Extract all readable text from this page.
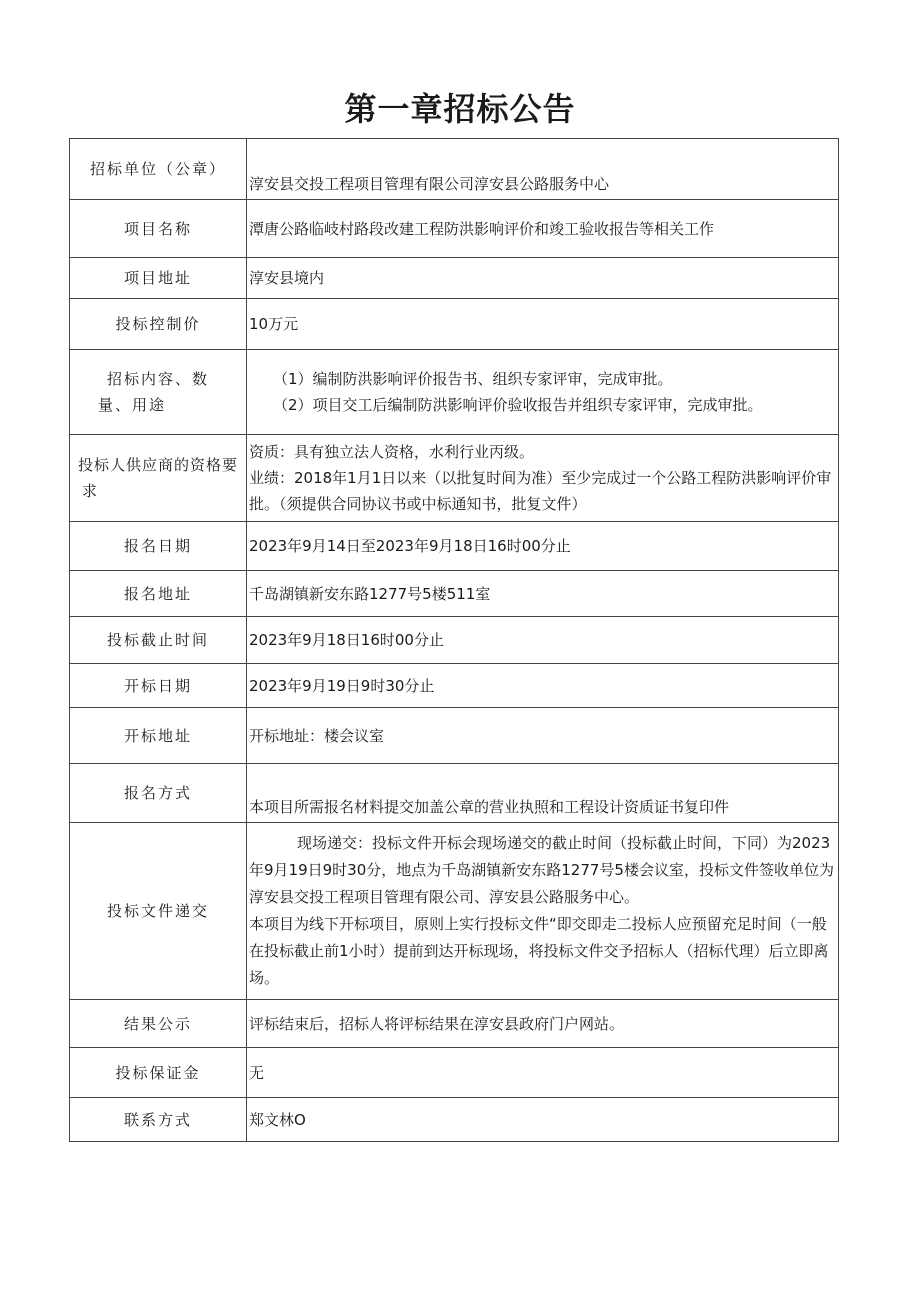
第一章招标公告
招标单位（公章）	淳安县交投工程项目管理有限公司淳安县公路服务中心
项目名称	潭唐公路临岐村路段改建工程防洪影响评价和竣工验收报告等相关工作
项目地址	淳安县境内
投标控制价	10万元

招标内容、数
量、用途	（1）编制防洪影响评价报告书、组织专家评审，完成审批。
（2）项目交工后编制防洪影响评价验收报告并组织专家评审，完成审批。

投标人供应商的资格要
求	资质：具有独立法人资格，水利行业丙级。
业绩：2018年1月1日以来（以批复时间为准）至少完成过一个公路工程防洪影响评价审批。（须提供合同协议书或中标通知书，批复文件）

报名日期	2023年9月14日至2023年9月18日16时00分止
报名地址	千岛湖镇新安东路1277号5楼511室
投标截止时间	2023年9月18日16时00分止
开标日期	2023年9月19日9时30分止
开标地址	开标地址：楼会议室
报名方式	本项目所需报名材料提交加盖公章的营业执照和工程设计资质证书复印件
投标文件递交	现场递交：投标文件开标会现场递交的截止时间（投标截止时间，下同）为2023年9月19日9时30分，地点为千岛湖镇新安东路1277号5楼会议室，投标文件签收单位为淳安县交投工程项目管理有限公司、淳安县公路服务中心。
本项目为线下开标项目，原则上实行投标文件“即交即走二投标人应预留充足时间（一般在投标截止前1小时）提前到达开标现场，将投标文件交予招标人（招标代理）后立即离场。

结果公示	评标结束后，招标人将评标结果在淳安县政府门户网站。
投标保证金	无
联系方式	郑文林O
